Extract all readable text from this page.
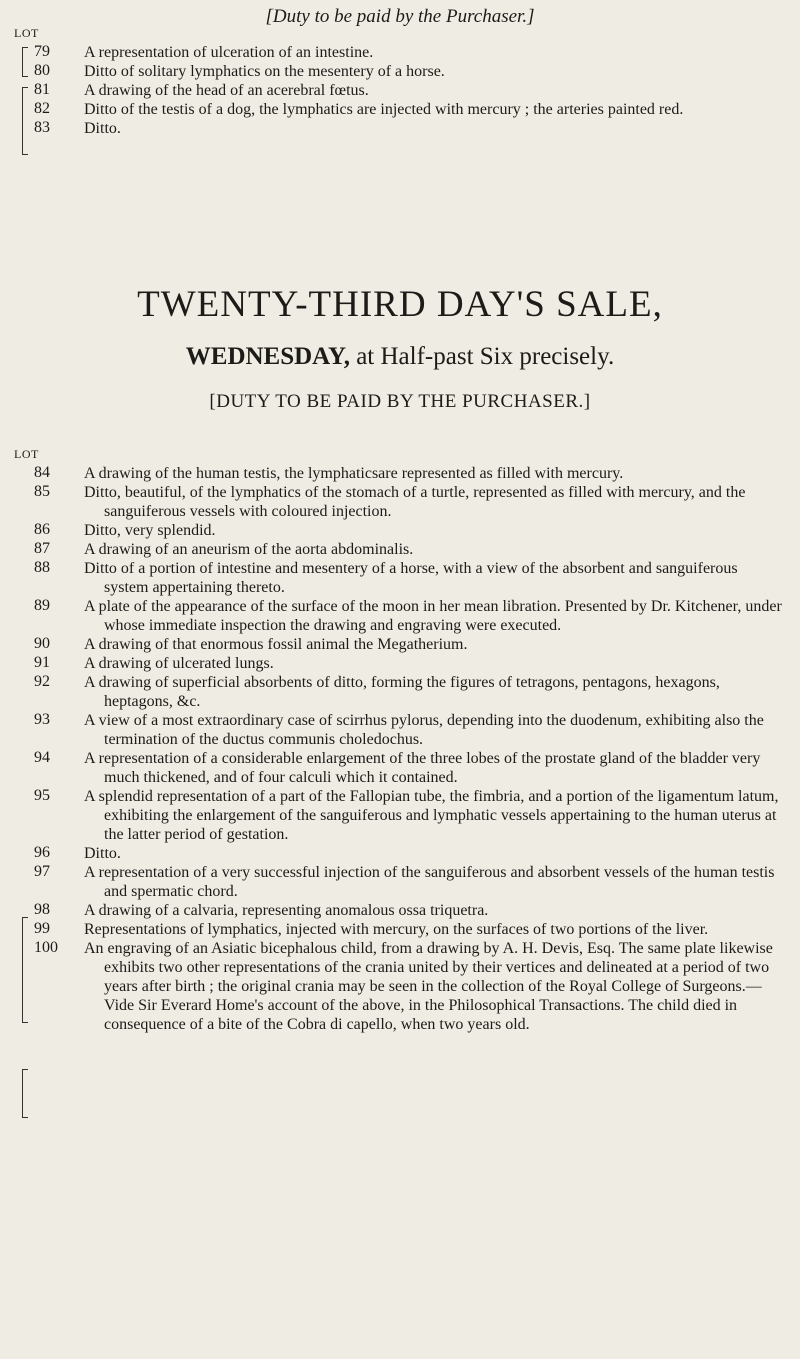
[Duty to be paid by the Purchaser.]
LOT
79	A representation of ulceration of an intestine.
80	Ditto of solitary lymphatics on the mesentery of a horse.
81	A drawing of the head of an acerebral fœtus.
82	Ditto of the testis of a dog, the lymphatics are injected with mercury ; the arteries painted red.
83	Ditto.
TWENTY-THIRD DAY'S SALE,
WEDNESDAY, at Half-past Six precisely.
[DUTY TO BE PAID BY THE PURCHASER.]
LOT
84	A drawing of the human testis, the lymphaticsare represented as filled with mercury.
85	Ditto, beautiful, of the lymphatics of the stomach of a turtle, represented as filled with mercury, and the sanguiferous vessels with coloured injection.
86	Ditto, very splendid.
87	A drawing of an aneurism of the aorta abdominalis.
88	Ditto of a portion of intestine and mesentery of a horse, with a view of the absorbent and sanguiferous system appertaining thereto.
89	A plate of the appearance of the surface of the moon in her mean libration. Presented by Dr. Kitchener, under whose immediate inspection the drawing and engraving were executed.
90	A drawing of that enormous fossil animal the Megatherium.
91	A drawing of ulcerated lungs.
92	A drawing of superficial absorbents of ditto, forming the figures of tetragons, pentagons, hexagons, heptagons, &c.
93	A view of a most extraordinary case of scirrhus pylorus, depending into the duodenum, exhibiting also the termination of the ductus communis choledochus.
94	A representation of a considerable enlargement of the three lobes of the prostate gland of the bladder very much thickened, and of four calculi which it contained.
95	A splendid representation of a part of the Fallopian tube, the fimbria, and a portion of the ligamentum latum, exhibiting the enlargement of the sanguiferous and lymphatic vessels appertaining to the human uterus at the latter period of gestation.
96	Ditto.
97	A representation of a very successful injection of the sanguiferous and absorbent vessels of the human testis and spermatic chord.
98	A drawing of a calvaria, representing anomalous ossa triquetra.
99	Representations of lymphatics, injected with mercury, on the surfaces of two portions of the liver.
100	An engraving of an Asiatic bicephalous child, from a drawing by A. H. Devis, Esq. The same plate likewise exhibits two other representations of the crania united by their vertices and delineated at a period of two years after birth ; the original crania may be seen in the collection of the Royal College of Surgeons.—Vide Sir Everard Home's account of the above, in the Philosophical Transactions. The child died in consequence of a bite of the Cobra di capello, when two years old.
